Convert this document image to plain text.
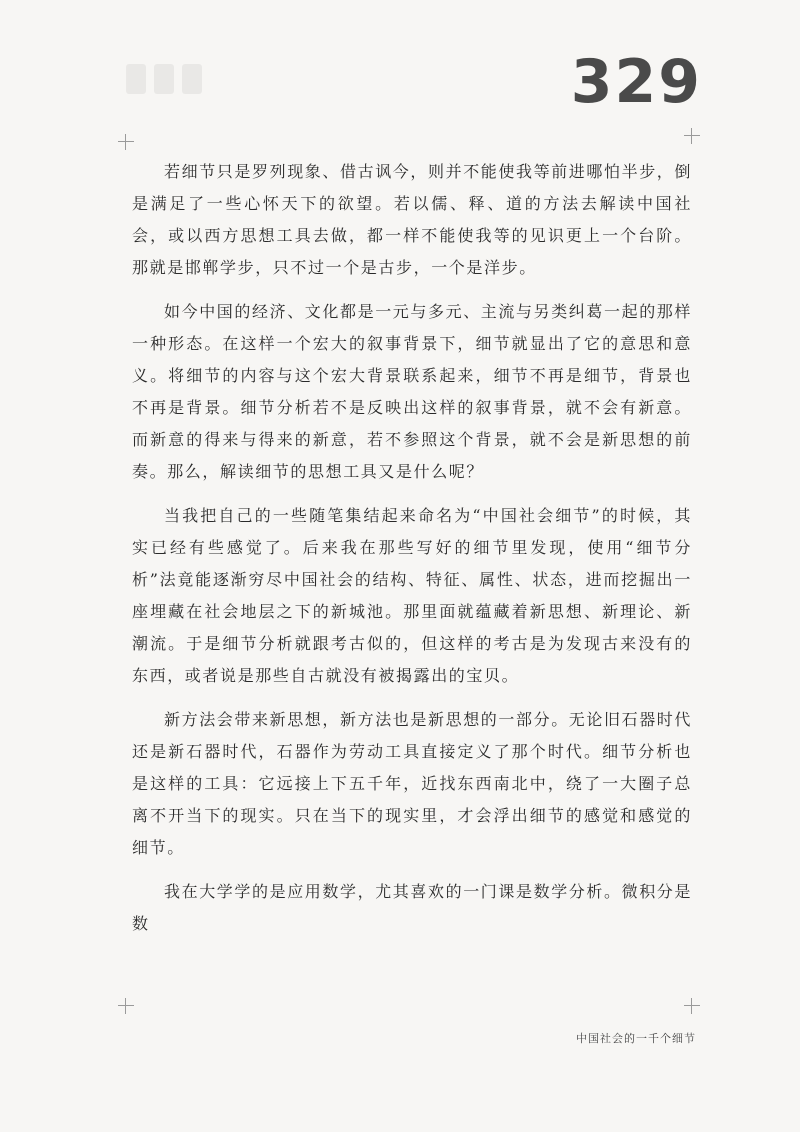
329

若细节只是罗列现象、借古讽今，则并不能使我等前进哪怕半步，倒是满足了一些心怀天下的欲望。若以儒、释、道的方法去解读中国社会，或以西方思想工具去做，都一样不能使我等的见识更上一个台阶。那就是邯郸学步，只不过一个是古步，一个是洋步。

如今中国的经济、文化都是一元与多元、主流与另类纠葛一起的那样一种形态。在这样一个宏大的叙事背景下，细节就显出了它的意思和意义。将细节的内容与这个宏大背景联系起来，细节不再是细节，背景也不再是背景。细节分析若不是反映出这样的叙事背景，就不会有新意。而新意的得来与得来的新意，若不参照这个背景，就不会是新思想的前奏。那么，解读细节的思想工具又是什么呢？

当我把自己的一些随笔集结起来命名为“中国社会细节”的时候，其实已经有些感觉了。后来我在那些写好的细节里发现，使用“细节分析”法竟能逐渐穷尽中国社会的结构、特征、属性、状态，进而挖掘出一座埋藏在社会地层之下的新城池。那里面就蕴藏着新思想、新理论、新潮流。于是细节分析就跟考古似的，但这样的考古是为发现古来没有的东西，或者说是那些自古就没有被揭露出的宝贝。

新方法会带来新思想，新方法也是新思想的一部分。无论旧石器时代还是新石器时代，石器作为劳动工具直接定义了那个时代。细节分析也是这样的工具：它远接上下五千年，近找东西南北中，绕了一大圈子总离不开当下的现实。只在当下的现实里，才会浮出细节的感觉和感觉的细节。

我在大学学的是应用数学，尤其喜欢的一门课是数学分析。微积分是数

中国社会的一千个细节
